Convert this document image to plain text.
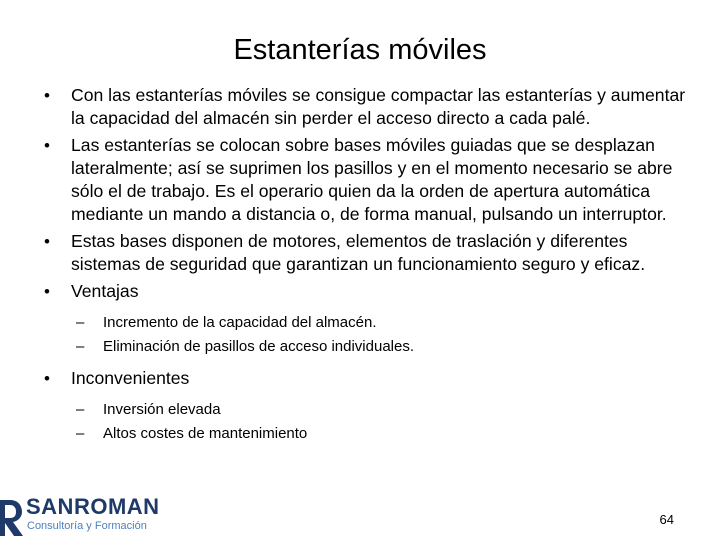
Estanterías móviles
• Con las estanterías móviles se consigue compactar las estanterías y aumentar la capacidad del almacén sin perder el acceso directo a cada palé.
• Las estanterías se colocan sobre bases móviles guiadas que se desplazan lateralmente; así se suprimen los pasillos y en el momento necesario se abre sólo el de trabajo. Es el operario quien da la orden de apertura automática mediante un mando a distancia o, de forma manual, pulsando un interruptor.
• Estas bases disponen de motores, elementos de traslación y diferentes sistemas de seguridad que garantizan un funcionamiento seguro y eficaz.
• Ventajas
– Incremento de la capacidad del almacén.
– Eliminación de pasillos de acceso individuales.
• Inconvenientes
– Inversión elevada
– Altos costes de mantenimiento
SANROMAN
Consultoría y Formación	64
